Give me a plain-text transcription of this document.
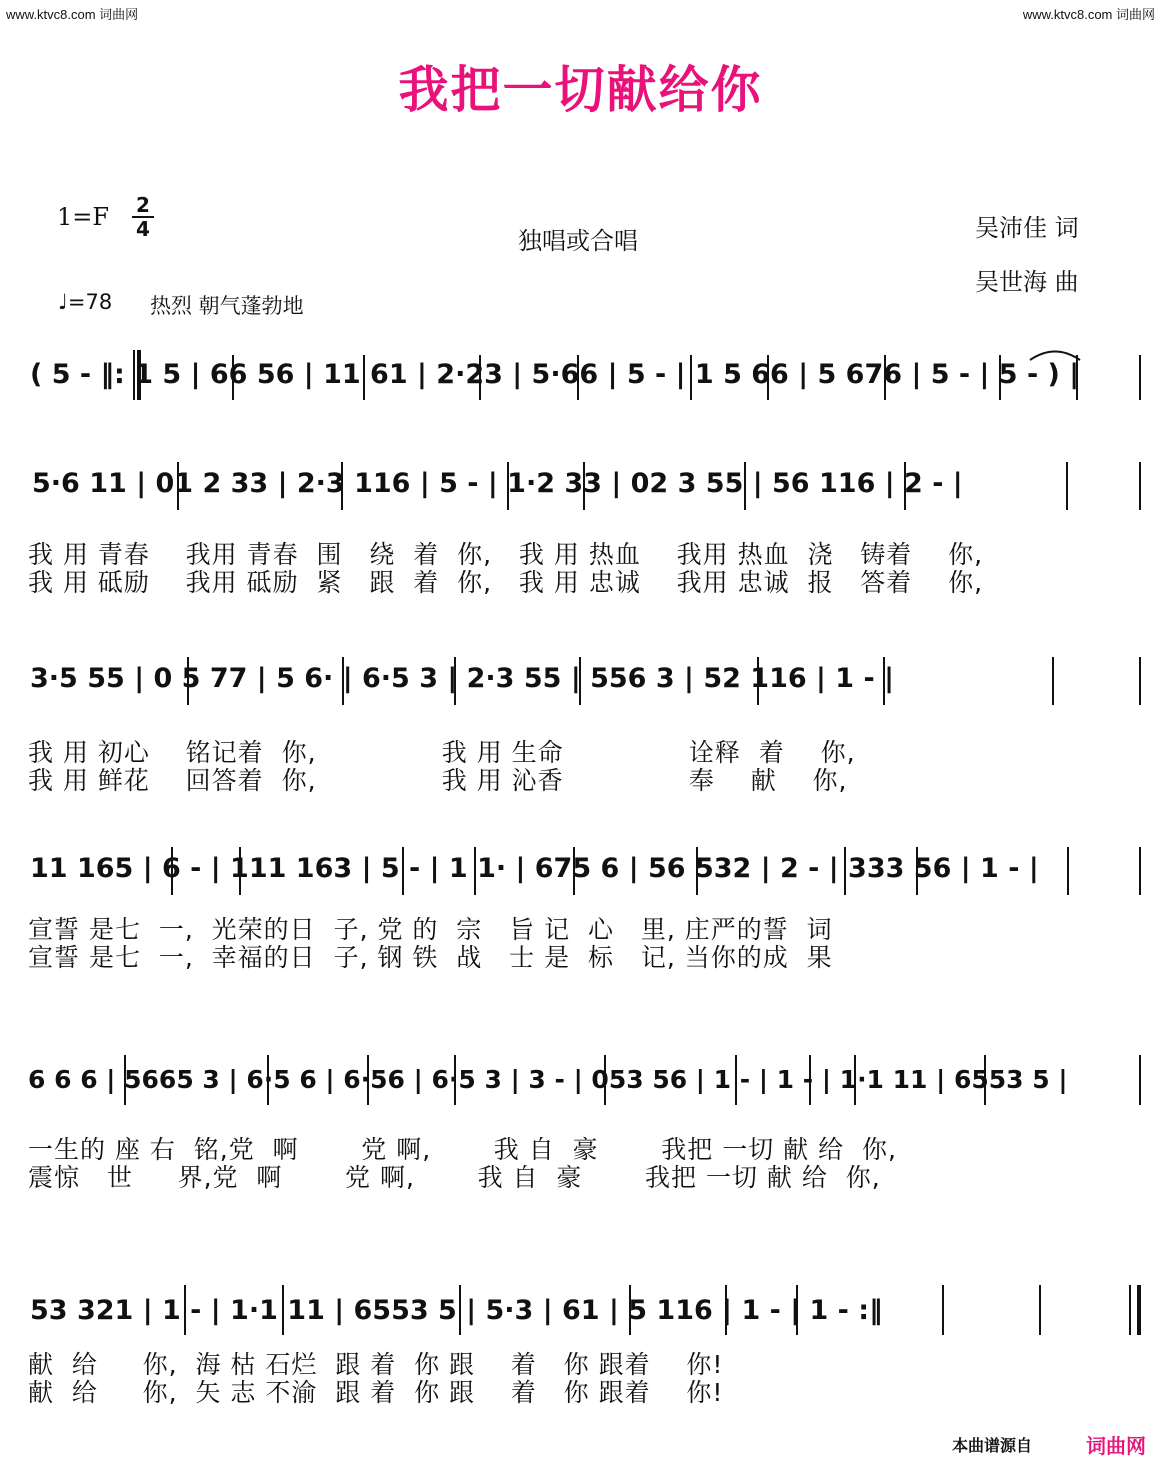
www.ktvc8.com 词曲网	www.ktvc8.com 词曲网
我把一切献给你
1=F 2
4	独唱或合唱	吴沛佳 词
吴世海 曲
♩=78 热烈 朝气蓬勃地
( 5 - ‖: 1 5 | 66 56 | 11 61 | 2·23 | 5·66 | 5 - | 1 5 66 | 5 676 | 5 - | 5 - ) |
5·6 11 | 01 2 33 | 2·3 116 | 5 - | 1·2 33 | 02 3 55 | 56 116 | 2 - |
我 用 青春    我用 青春  围   绕  着  你,   我 用 热血    我用 热血  浇   铸着    你,
我 用 砥励    我用 砥励  紧   跟  着  你,   我 用 忠诚    我用 忠诚  报   答着    你,
3·5 55 | 0 5 77 | 5 6· | 6·5 3 | 2·3 55 | 556 3 | 52 116 | 1 - |
我 用 初心    铭记着  你,              我 用 生命              诠释  着    你,
我 用 鲜花    回答着  你,              我 用 沁香              奉    献    你,
11 165 | 6 - | 111 163 | 5 - | 1 1· | 675 6 | 56 532 | 2 - | 333 56 | 1 - |
宣誓 是七  一,  光荣的日  子, 党 的  宗   旨 记  心   里, 庄严的誓  词
宣誓 是七  一,  幸福的日  子, 钢 铁  战   士 是  标   记, 当你的成  果
6 6 6 | 5665 3 | 6·5 6 | 6·56 | 6·5 3 | 3 - | 053 56 | 1 - | 1 - | 1·1 11 | 6553 5 |
一生的 座 右  铭,党  啊       党 啊,       我 自  豪       我把 一切 献 给  你,
震惊   世     界,党  啊       党 啊,       我 自  豪       我把 一切 献 给  你,
53 321 | 1 - | 1·1 11 | 6553 5 | 5·3 | 61 | 5 116 | 1 - | 1 - :‖
献  给     你,  海 枯 石烂  跟 着  你 跟    着   你 跟着    你!
献  给     你,  矢 志 不渝  跟 着  你 跟    着   你 跟着    你!
本曲谱源自	词曲网
